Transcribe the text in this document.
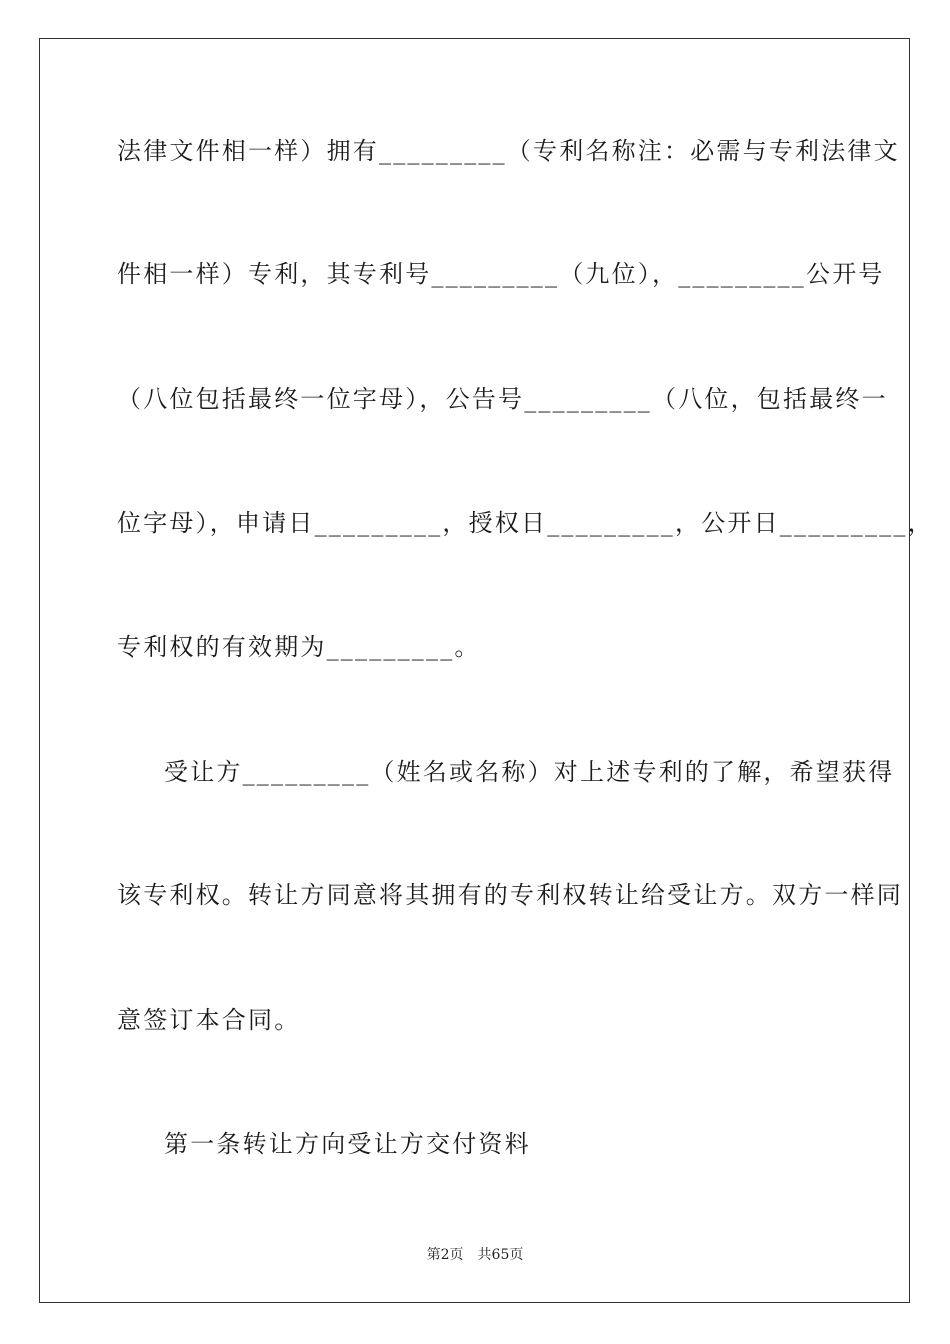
法律文件相一样）拥有_________（专利名称注：必需与专利法律文
件相一样）专利，其专利号_________（九位），_________公开号
（八位包括最终一位字母），公告号_________（八位，包括最终一
位字母），申请日_________，授权日_________，公开日_________，
专利权的有效期为_________。
受让方_________（姓名或名称）对上述专利的了解，希望获得
该专利权。转让方同意将其拥有的专利权转让给受让方。双方一样同
意签订本合同。
第一条转让方向受让方交付资料
第2页 共65页
